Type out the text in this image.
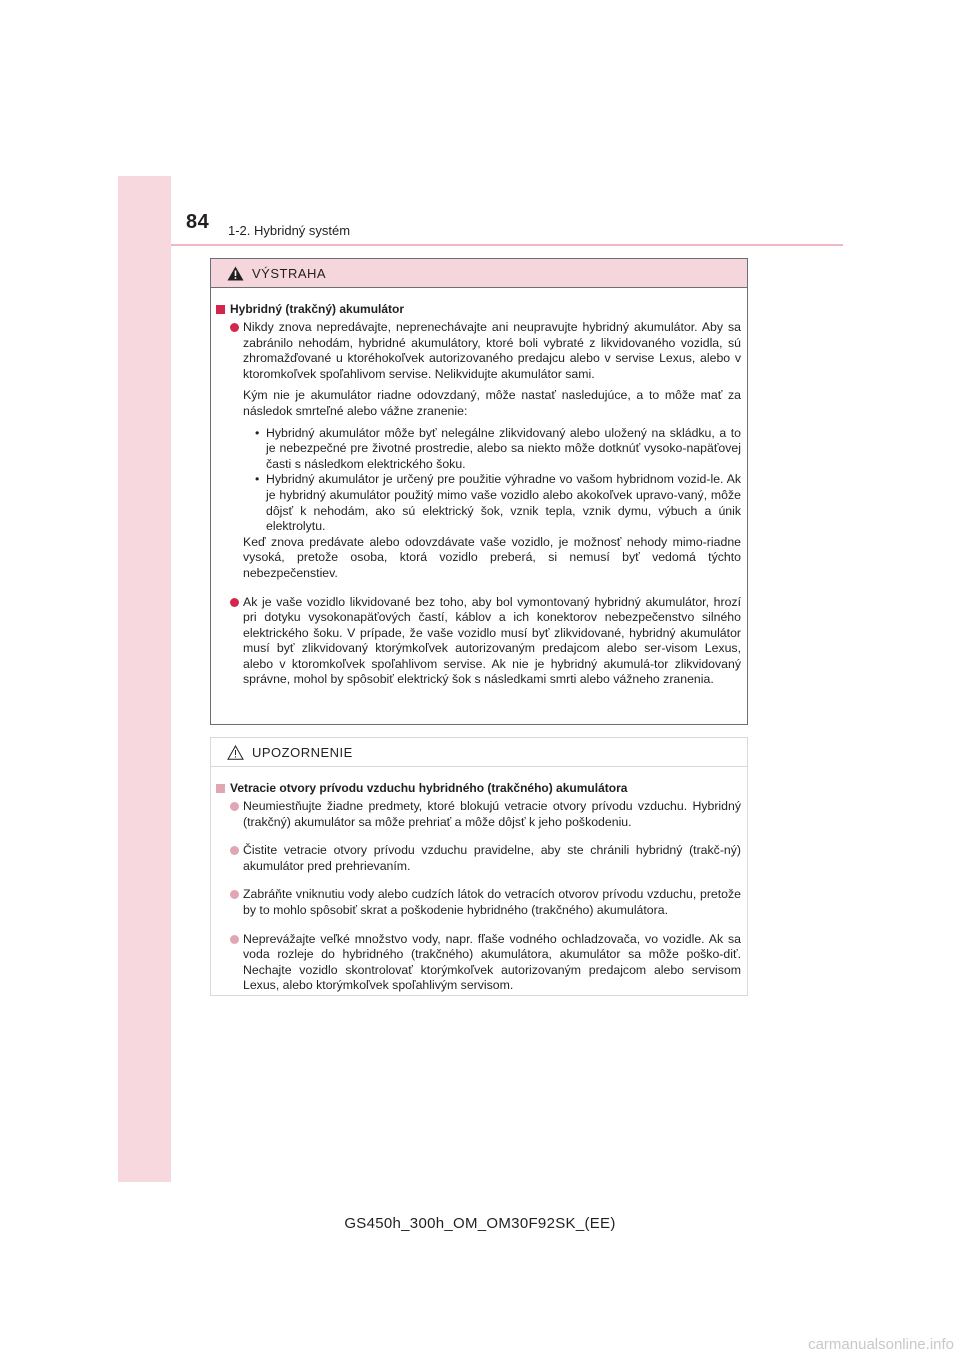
84 1-2. Hybridný systém
VÝSTRAHA
Hybridný (trakčný) akumulátor

Nikdy znova nepredávajte, neprenechávajte ani neupravujte hybridný akumulátor. Aby sa zabránilo nehodám, hybridné akumulátory, ktoré boli vybraté z likvidovaného vozidla, sú zhromažďované u ktoréhokoľvek autorizovaného predajcu alebo v servise Lexus, alebo v ktoromkoľvek spoľahlivom servise. Nelikvidujte akumulátor sami.

Kým nie je akumulátor riadne odovzdaný, môže nastať nasledujúce, a to môže mať za následok smrteľné alebo vážne zranenie:

• Hybridný akumulátor môže byť nelegálne zlikvidovaný alebo uložený na skládku, a to je nebezpečné pre životné prostredie, alebo sa niekto môže dotknúť vysoko-napäťovej časti s následkom elektrického šoku.
• Hybridný akumulátor je určený pre použitie výhradne vo vašom hybridnom vozid-le. Ak je hybridný akumulátor použitý mimo vaše vozidlo alebo akokoľvek upravo-vaný, môže dôjsť k nehodám, ako sú elektrický šok, vznik tepla, vznik dymu, výbuch a únik elektrolytu.

Keď znova predávate alebo odovzdávate vaše vozidlo, je možnosť nehody mimo-riadne vysoká, pretože osoba, ktorá vozidlo preberá, si nemusí byť vedomá týchto nebezpečenstiev.

Ak je vaše vozidlo likvidované bez toho, aby bol vymontovaný hybridný akumulátor, hrozí pri dotyku vysokonapäťových častí, káblov a ich konektorov nebezpečenstvo silného elektrického šoku. V prípade, že vaše vozidlo musí byť zlikvidované, hybridný akumulátor musí byť zlikvidovaný ktorýmkoľvek autorizovaným predajcom alebo ser-visom Lexus, alebo v ktoromkoľvek spoľahlivom servise. Ak nie je hybridný akumulá-tor zlikvidovaný správne, mohol by spôsobiť elektrický šok s následkami smrti alebo vážneho zranenia.

UPOZORNENIE
Vetracie otvory prívodu vzduchu hybridného (trakčného) akumulátora

Neumiestňujte žiadne predmety, ktoré blokujú vetracie otvory prívodu vzduchu. Hybridný (trakčný) akumulátor sa môže prehriať a môže dôjsť k jeho poškodeniu.

Čistite vetracie otvory prívodu vzduchu pravidelne, aby ste chránili hybridný (trakč-ný) akumulátor pred prehrievaním.

Zabráňte vniknutiu vody alebo cudzích látok do vetracích otvorov prívodu vzduchu, pretože by to mohlo spôsobiť skrat a poškodenie hybridného (trakčného) akumulátora.

Neprevážajte veľké množstvo vody, napr. fľaše vodného ochladzovača, vo vozidle. Ak sa voda rozleje do hybridného (trakčného) akumulátora, akumulátor sa môže poško-diť. Nechajte vozidlo skontrolovať ktorýmkoľvek autorizovaným predajcom alebo servisom Lexus, alebo ktorýmkoľvek spoľahlivým servisom.

GS450h_300h_OM_OM30F92SK_(EE)
carmanualsonline.info
